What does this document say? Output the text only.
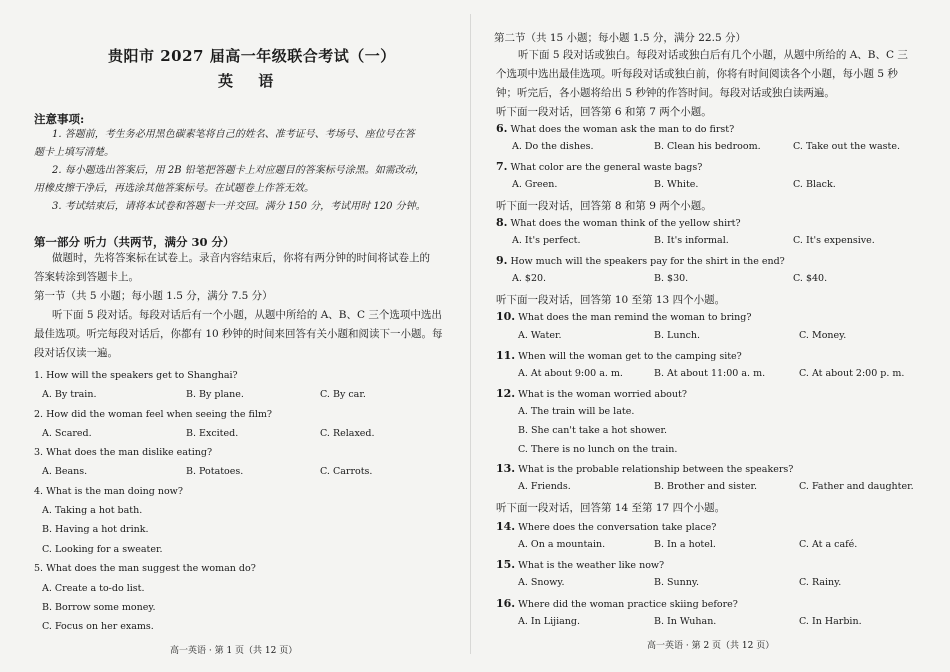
贵阳市 2027 届高一年级联合考试（一）
英 语
注意事项:
1. 答题前，考生务必用黑色碳素笔将自己的姓名、准考证号、考场号、座位号在答
题卡上填写清楚。
2. 每小题选出答案后，用 2B 铅笔把答题卡上对应题目的答案标号涂黑。如需改动，
用橡皮擦干净后，再选涂其他答案标号。在试题卷上作答无效。
3. 考试结束后，请将本试卷和答题卡一并交回。满分 150 分，考试用时 120 分钟。
第一部分 听力（共两节，满分 30 分）
做题时，先将答案标在试卷上。录音内容结束后，你将有两分钟的时间将试卷上的
答案转涂到答题卡上。
第一节（共 5 小题；每小题 1.5 分，满分 7.5 分）
听下面 5 段对话。每段对话后有一个小题，从题中所给的 A、B、C 三个选项中选出
最佳选项。听完每段对话后，你都有 10 秒钟的时间来回答有关小题和阅读下一小题。每
段对话仅读一遍。
1. How will the speakers get to Shanghai?
A. By train.	B. By plane.	C. By car.
2. How did the woman feel when seeing the film?
A. Scared.	B. Excited.	C. Relaxed.
3. What does the man dislike eating?
A. Beans.	B. Potatoes.	C. Carrots.
4. What is the man doing now?
A. Taking a hot bath.
B. Having a hot drink.
C. Looking for a sweater.
5. What does the man suggest the woman do?
A. Create a to-do list.
B. Borrow some money.
C. Focus on her exams.
高一英语 · 第 1 页（共 12 页）
第二节（共 15 小题；每小题 1.5 分，满分 22.5 分）
听下面 5 段对话或独白。每段对话或独白后有几个小题，从题中所给的 A、B、C 三
个选项中选出最佳选项。听每段对话或独白前，你将有时间阅读各个小题，每小题 5 秒
钟；听完后，各小题将给出 5 秒钟的作答时间。每段对话或独白读两遍。
听下面一段对话，回答第 6 和第 7 两个小题。
6. What does the woman ask the man to do first?
A. Do the dishes.	B. Clean his bedroom.	C. Take out the waste.
7. What color are the general waste bags?
A. Green.	B. White.	C. Black.
听下面一段对话，回答第 8 和第 9 两个小题。
8. What does the woman think of the yellow shirt?
A. It's perfect.	B. It's informal.	C. It's expensive.
9. How much will the speakers pay for the shirt in the end?
A. $20.	B. $30.	C. $40.
听下面一段对话，回答第 10 至第 13 四个小题。
10. What does the man remind the woman to bring?
A. Water.	B. Lunch.	C. Money.
11. When will the woman get to the camping site?
A. At about 9:00 a. m.	B. At about 11:00 a. m.	C. At about 2:00 p. m.
12. What is the woman worried about?
A. The train will be late.
B. She can't take a hot shower.
C. There is no lunch on the train.
13. What is the probable relationship between the speakers?
A. Friends.	B. Brother and sister.	C. Father and daughter.
听下面一段对话，回答第 14 至第 17 四个小题。
14. Where does the conversation take place?
A. On a mountain.	B. In a hotel.	C. At a café.
15. What is the weather like now?
A. Snowy.	B. Sunny.	C. Rainy.
16. Where did the woman practice skiing before?
A. In Lijiang.	B. In Wuhan.	C. In Harbin.
高一英语 · 第 2 页（共 12 页）
